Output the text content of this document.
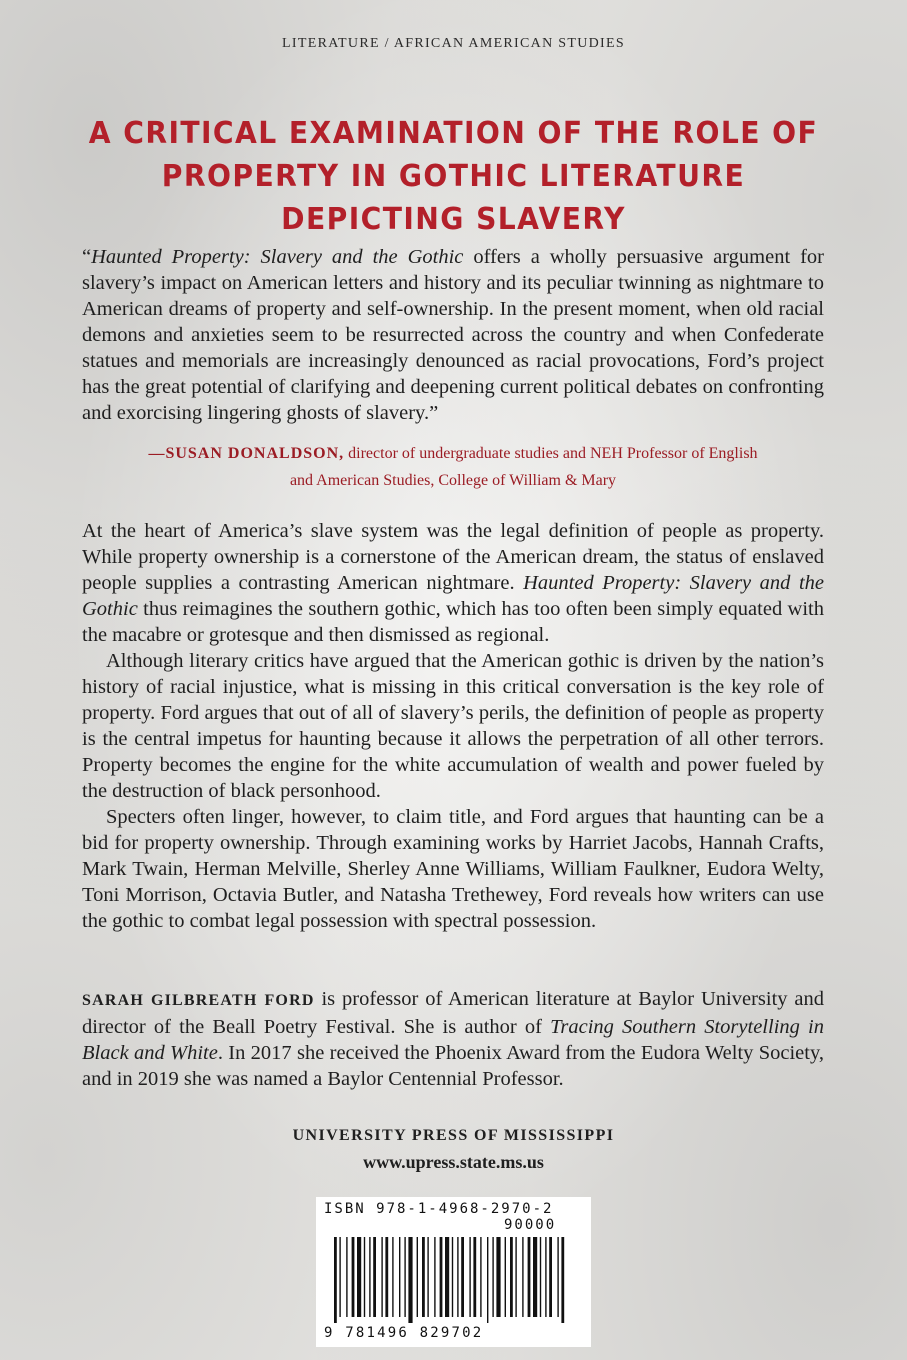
LITERATURE / AFRICAN AMERICAN STUDIES
A CRITICAL EXAMINATION OF THE ROLE OF PROPERTY IN GOTHIC LITERATURE DEPICTING SLAVERY

“Haunted Property: Slavery and the Gothic offers a wholly persuasive argument for slavery’s impact on American letters and history and its peculiar twinning as nightmare to American dreams of property and self-ownership. In the present moment, when old racial demons and anxieties seem to be resurrected across the country and when Confederate statues and memorials are increasingly denounced as racial provocations, Ford’s project has the great potential of clarifying and deepening current political debates on confronting and exorcising lingering ghosts of slavery.”

—SUSAN DONALDSON, director of undergraduate studies and NEH Professor of English
and American Studies, College of William & Mary

At the heart of America’s slave system was the legal definition of people as property. While property ownership is a cornerstone of the American dream, the status of enslaved people supplies a contrasting American nightmare. Haunted Property: Slavery and the Gothic thus reimagines the southern gothic, which has too often been simply equated with the macabre or grotesque and then dismissed as regional.

Although literary critics have argued that the American gothic is driven by the nation’s history of racial injustice, what is missing in this critical conversation is the key role of property. Ford argues that out of all of slavery’s perils, the definition of people as property is the central impetus for haunting because it allows the perpetration of all other terrors. Property becomes the engine for the white accumulation of wealth and power fueled by the destruction of black personhood.

Specters often linger, however, to claim title, and Ford argues that haunting can be a bid for property ownership. Through examining works by Harriet Jacobs, Hannah Crafts, Mark Twain, Herman Melville, Sherley Anne Williams, William Faulkner, Eudora Welty, Toni Morrison, Octavia Butler, and Natasha Trethewey, Ford reveals how writers can use the gothic to combat legal possession with spectral possession.

SARAH GILBREATH FORD is professor of American literature at Baylor University and director of the Beall Poetry Festival. She is author of Tracing Southern Storytelling in Black and White. In 2017 she received the Phoenix Award from the Eudora Welty Society, and in 2019 she was named a Baylor Centennial Professor.

UNIVERSITY PRESS OF MISSISSIPPI
www.upress.state.ms.us
ISBN 978-1-4968-2970-2
90000
9 781496 829702
